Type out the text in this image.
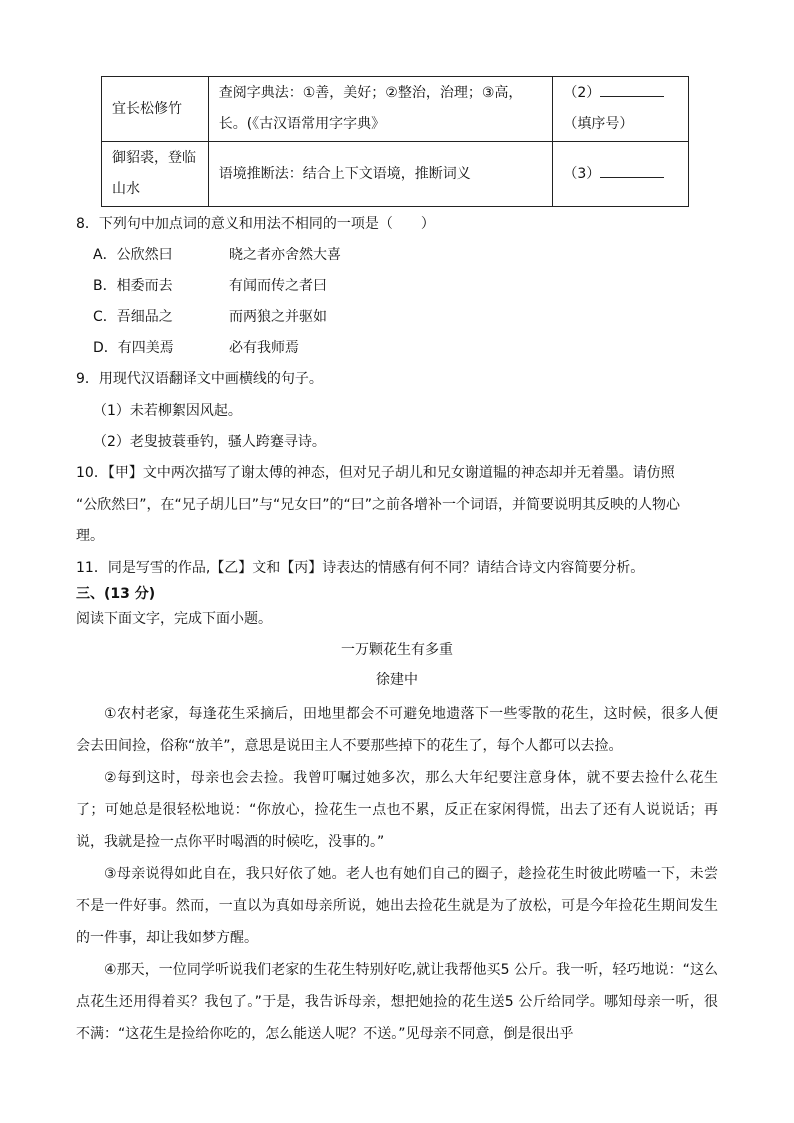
宜长松修竹	查阅字典法：①善，美好；②整治，治理；③高，长。(《古汉语常用字字典》	（2）
（填序号）
御貂裘，登临山水	语境推断法：结合上下文语境，推断词义	（3）
8．下列句中加点词的意义和用法不相同的一项是（　　）
A．公欣然曰	晓之者亦舍然大喜
B．相委而去	有闻而传之者曰
C．吾细品之	而两狼之并驱如
D．有四美焉	必有我师焉
9．用现代汉语翻译文中画横线的句子。
（1）未若柳絮因风起。
（2）老叟披蓑垂钓，骚人跨蹇寻诗。
10．【甲】文中两次描写了谢太傅的神态，但对兄子胡儿和兄女谢道韫的神态却并无着墨。请仿照
“公欣然曰”，在“兄子胡儿曰”与“兄女曰”的“曰”之前各增补一个词语，并简要说明其反映的人物心
理。
11．同是写雪的作品,【乙】文和【丙】诗表达的情感有何不同？请结合诗文内容简要分析。
三、(13 分)
阅读下面文字，完成下面小题。
一万颗花生有多重
徐建中

①农村老家，每逢花生采摘后，田地里都会不可避免地遗落下一些零散的花生，这时候，很多人便会去田间捡，俗称“放羊”，意思是说田主人不要那些掉下的花生了，每个人都可以去捡。

②每到这时，母亲也会去捡。我曾叮嘱过她多次，那么大年纪要注意身体，就不要去捡什么花生了；可她总是很轻松地说：“你放心，捡花生一点也不累，反正在家闲得慌，出去了还有人说说话；再说，我就是捡一点你平时喝酒的时候吃，没事的。”

③母亲说得如此自在，我只好依了她。老人也有她们自己的圈子，趁捡花生时彼此唠嗑一下，未尝不是一件好事。然而，一直以为真如母亲所说，她出去捡花生就是为了放松，可是今年捡花生期间发生的一件事，却让我如梦方醒。

④那天，一位同学听说我们老家的生花生特别好吃,就让我帮他买5 公斤。我一听，轻巧地说：“这么点花生还用得着买？我包了。”于是，我告诉母亲，想把她捡的花生送5 公斤给同学。哪知母亲一听，很不满：“这花生是捡给你吃的，怎么能送人呢？不送。”见母亲不同意，倒是很出乎
